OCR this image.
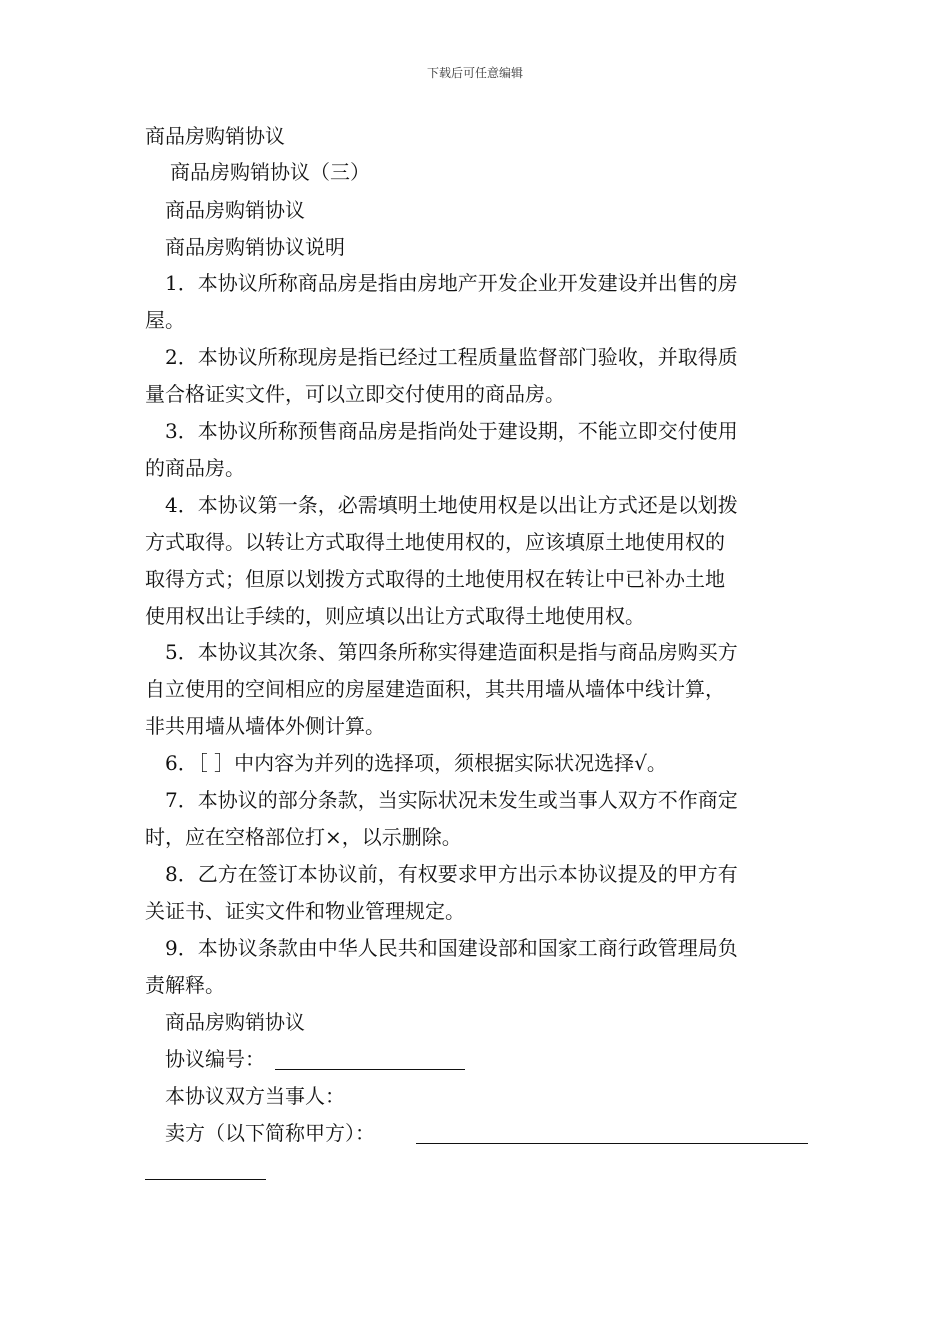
下载后可任意编辑
商品房购销协议
商品房购销协议（三）
商品房购销协议
商品房购销协议说明
1．本协议所称商品房是指由房地产开发企业开发建设并出售的房
屋。
2．本协议所称现房是指已经过工程质量监督部门验收，并取得质
量合格证实文件，可以立即交付使用的商品房。
3．本协议所称预售商品房是指尚处于建设期，不能立即交付使用
的商品房。
4．本协议第一条，必需填明土地使用权是以出让方式还是以划拨
方式取得。以转让方式取得土地使用权的，应该填原土地使用权的
取得方式；但原以划拨方式取得的土地使用权在转让中已补办土地
使用权出让手续的，则应填以出让方式取得土地使用权。
5．本协议其次条、第四条所称实得建造面积是指与商品房购买方
自立使用的空间相应的房屋建造面积，其共用墙从墙体中线计算，
非共用墙从墙体外侧计算。
6．［ ］中内容为并列的选择项，须根据实际状况选择√。
7．本协议的部分条款，当实际状况未发生或当事人双方不作商定
时，应在空格部位打×，以示删除。
8．乙方在签订本协议前，有权要求甲方出示本协议提及的甲方有
关证书、证实文件和物业管理规定。
9．本协议条款由中华人民共和国建设部和国家工商行政管理局负
责解释。
商品房购销协议
协议编号：
本协议双方当事人：
卖方（以下简称甲方）：
